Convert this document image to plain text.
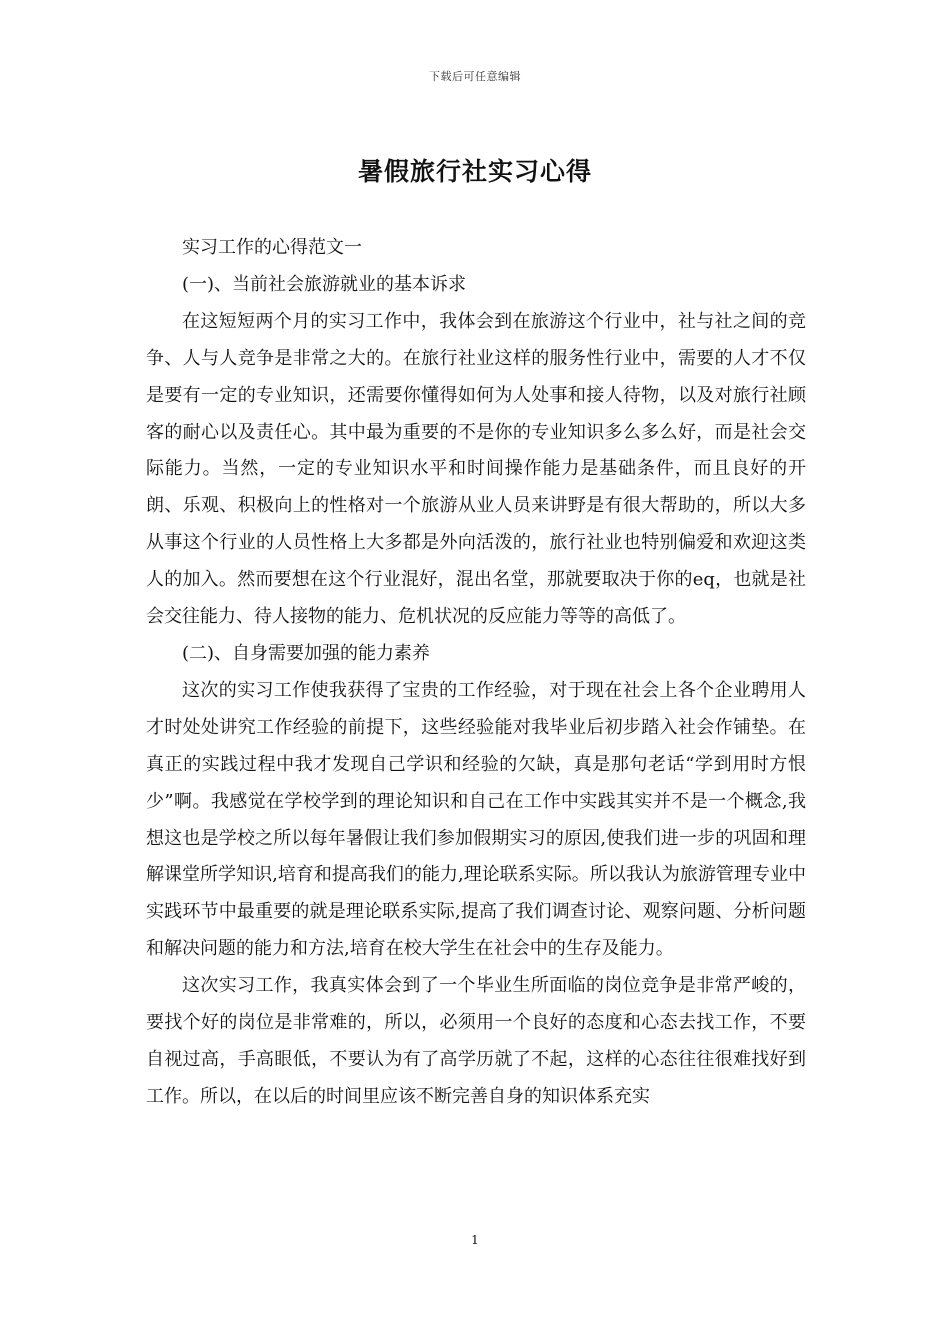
下载后可任意编辑
暑假旅行社实习心得

实习工作的心得范文一

(一)、当前社会旅游就业的基本诉求

在这短短两个月的实习工作中，我体会到在旅游这个行业中，社与社之间的竞争、人与人竞争是非常之大的。在旅行社业这样的服务性行业中，需要的人才不仅是要有一定的专业知识，还需要你懂得如何为人处事和接人待物，以及对旅行社顾客的耐心以及责任心。其中最为重要的不是你的专业知识多么多么好，而是社会交际能力。当然，一定的专业知识水平和时间操作能力是基础条件，而且良好的开朗、乐观、积极向上的性格对一个旅游从业人员来讲野是有很大帮助的，所以大多从事这个行业的人员性格上大多都是外向活泼的，旅行社业也特别偏爱和欢迎这类人的加入。然而要想在这个行业混好，混出名堂，那就要取决于你的eq，也就是社会交往能力、待人接物的能力、危机状况的反应能力等等的高低了。

(二)、自身需要加强的能力素养

这次的实习工作使我获得了宝贵的工作经验，对于现在社会上各个企业聘用人才时处处讲究工作经验的前提下，这些经验能对我毕业后初步踏入社会作铺垫。在真正的实践过程中我才发现自己学识和经验的欠缺，真是那句老话“学到用时方恨少”啊。我感觉在学校学到的理论知识和自己在工作中实践其实并不是一个概念,我想这也是学校之所以每年暑假让我们参加假期实习的原因,使我们进一步的巩固和理解课堂所学知识,培育和提高我们的能力,理论联系实际。所以我认为旅游管理专业中实践环节中最重要的就是理论联系实际,提高了我们调查讨论、观察问题、分析问题和解决问题的能力和方法,培育在校大学生在社会中的生存及能力。

这次实习工作，我真实体会到了一个毕业生所面临的岗位竞争是非常严峻的，要找个好的岗位是非常难的，所以，必须用一个良好的态度和心态去找工作，不要自视过高，手高眼低，不要认为有了高学历就了不起，这样的心态往往很难找好到工作。所以，在以后的时间里应该不断完善自身的知识体系充实

1
